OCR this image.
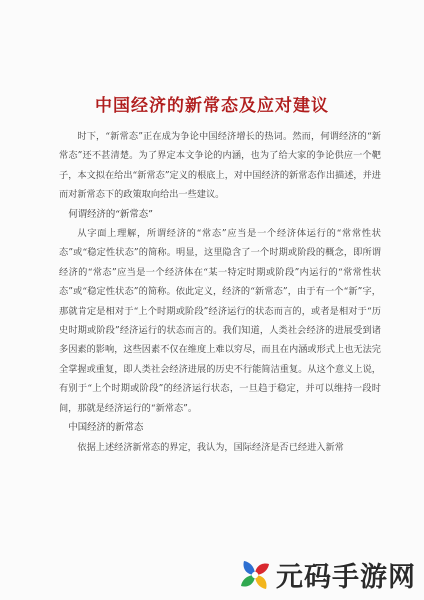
中国经济的新常态及应对建议

时下，“新常态”正在成为争论中国经济增长的热词。然而，何谓经济的“新常态”还不甚清楚。为了界定本文争论的内涵，也为了给大家的争论供应一个靶子，本文拟在给出“新常态”定义的根底上，对中国经济的新常态作出描述，并进而对新常态下的政策取向给出一些建议。

何谓经济的“新常态”

从字面上理解，所谓经济的“常态”应当是一个经济体运行的“常常性状态”或“稳定性状态”的简称。明显，这里隐含了一个时期或阶段的概念，即所谓经济的“常态”应当是一个经济体在“某一特定时期或阶段”内运行的“常常性状态”或“稳定性状态”的简称。依此定义，经济的“新常态”，由于有一个“新”字，那就肯定是相对于“上个时期或阶段”经济运行的状态而言的，或者是相对于“历史时期或阶段”经济运行的状态而言的。我们知道，人类社会经济的进展受到诸多因素的影响，这些因素不仅在维度上难以穷尽，而且在内涵或形式上也无法完全掌握或重复，即人类社会经济进展的历史不行能简洁重复。从这个意义上说，有别于“上个时期或阶段”的经济运行状态，一旦趋于稳定，并可以维持一段时间，那就是经济运行的“新常态”。

中国经济的新常态

依据上述经济新常态的界定，我认为，国际经济是否已经进入新常

元码手游网
